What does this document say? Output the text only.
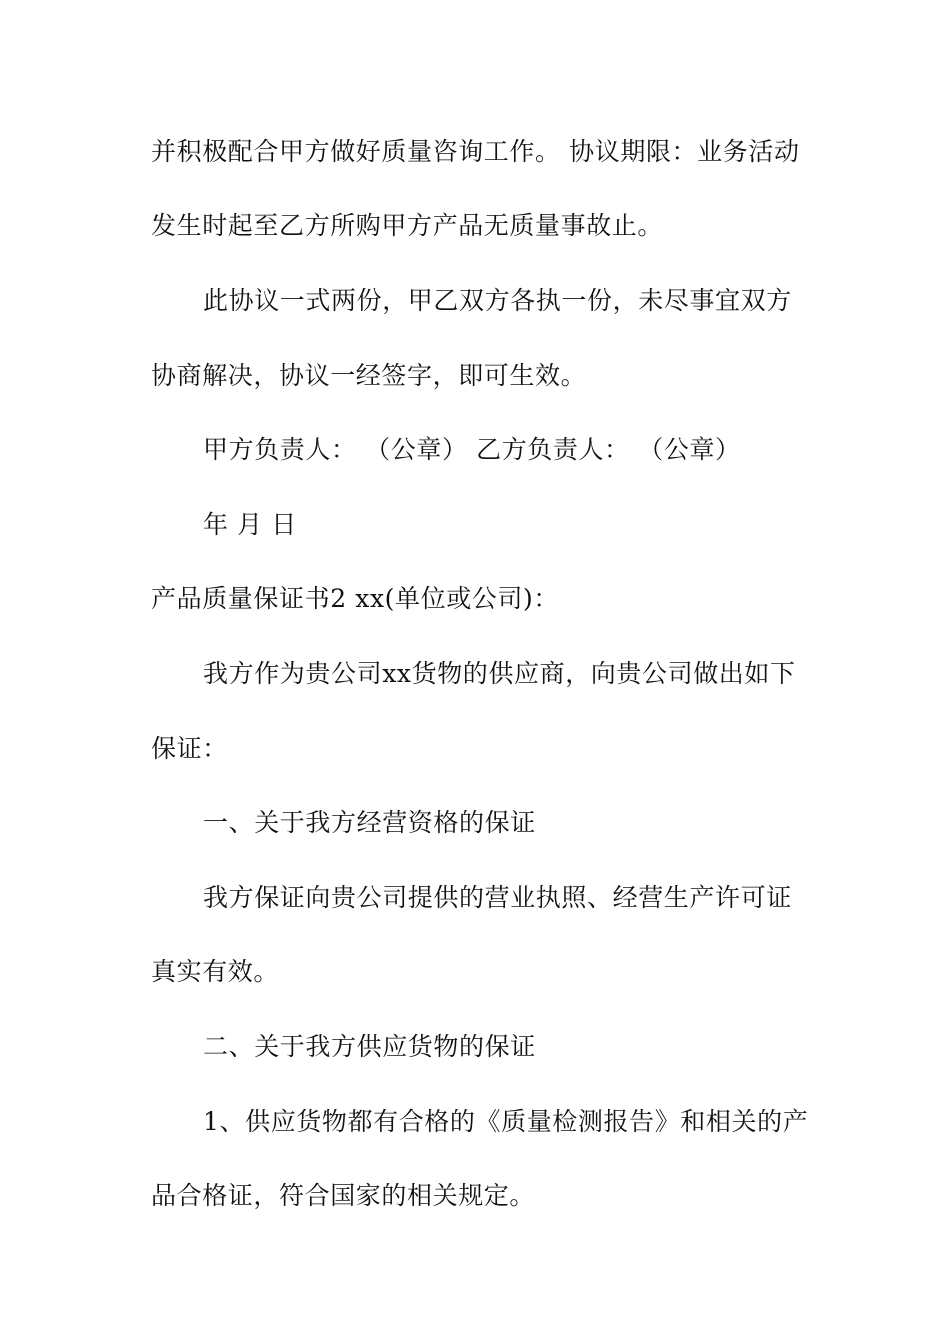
并积极配合甲方做好质量咨询工作。 协议期限：业务活动
发生时起至乙方所购甲方产品无质量事故止。
此协议一式两份，甲乙双方各执一份，未尽事宜双方
协商解决，协议一经签字，即可生效。
甲方负责人： （公章） 乙方负责人： （公章）
年 月 日
产品质量保证书2 xx(单位或公司)：
我方作为贵公司xx货物的供应商，向贵公司做出如下
保证：
一、关于我方经营资格的保证
我方保证向贵公司提供的营业执照、经营生产许可证
真实有效。
二、关于我方供应货物的保证
1、供应货物都有合格的《质量检测报告》和相关的产
品合格证，符合国家的相关规定。
